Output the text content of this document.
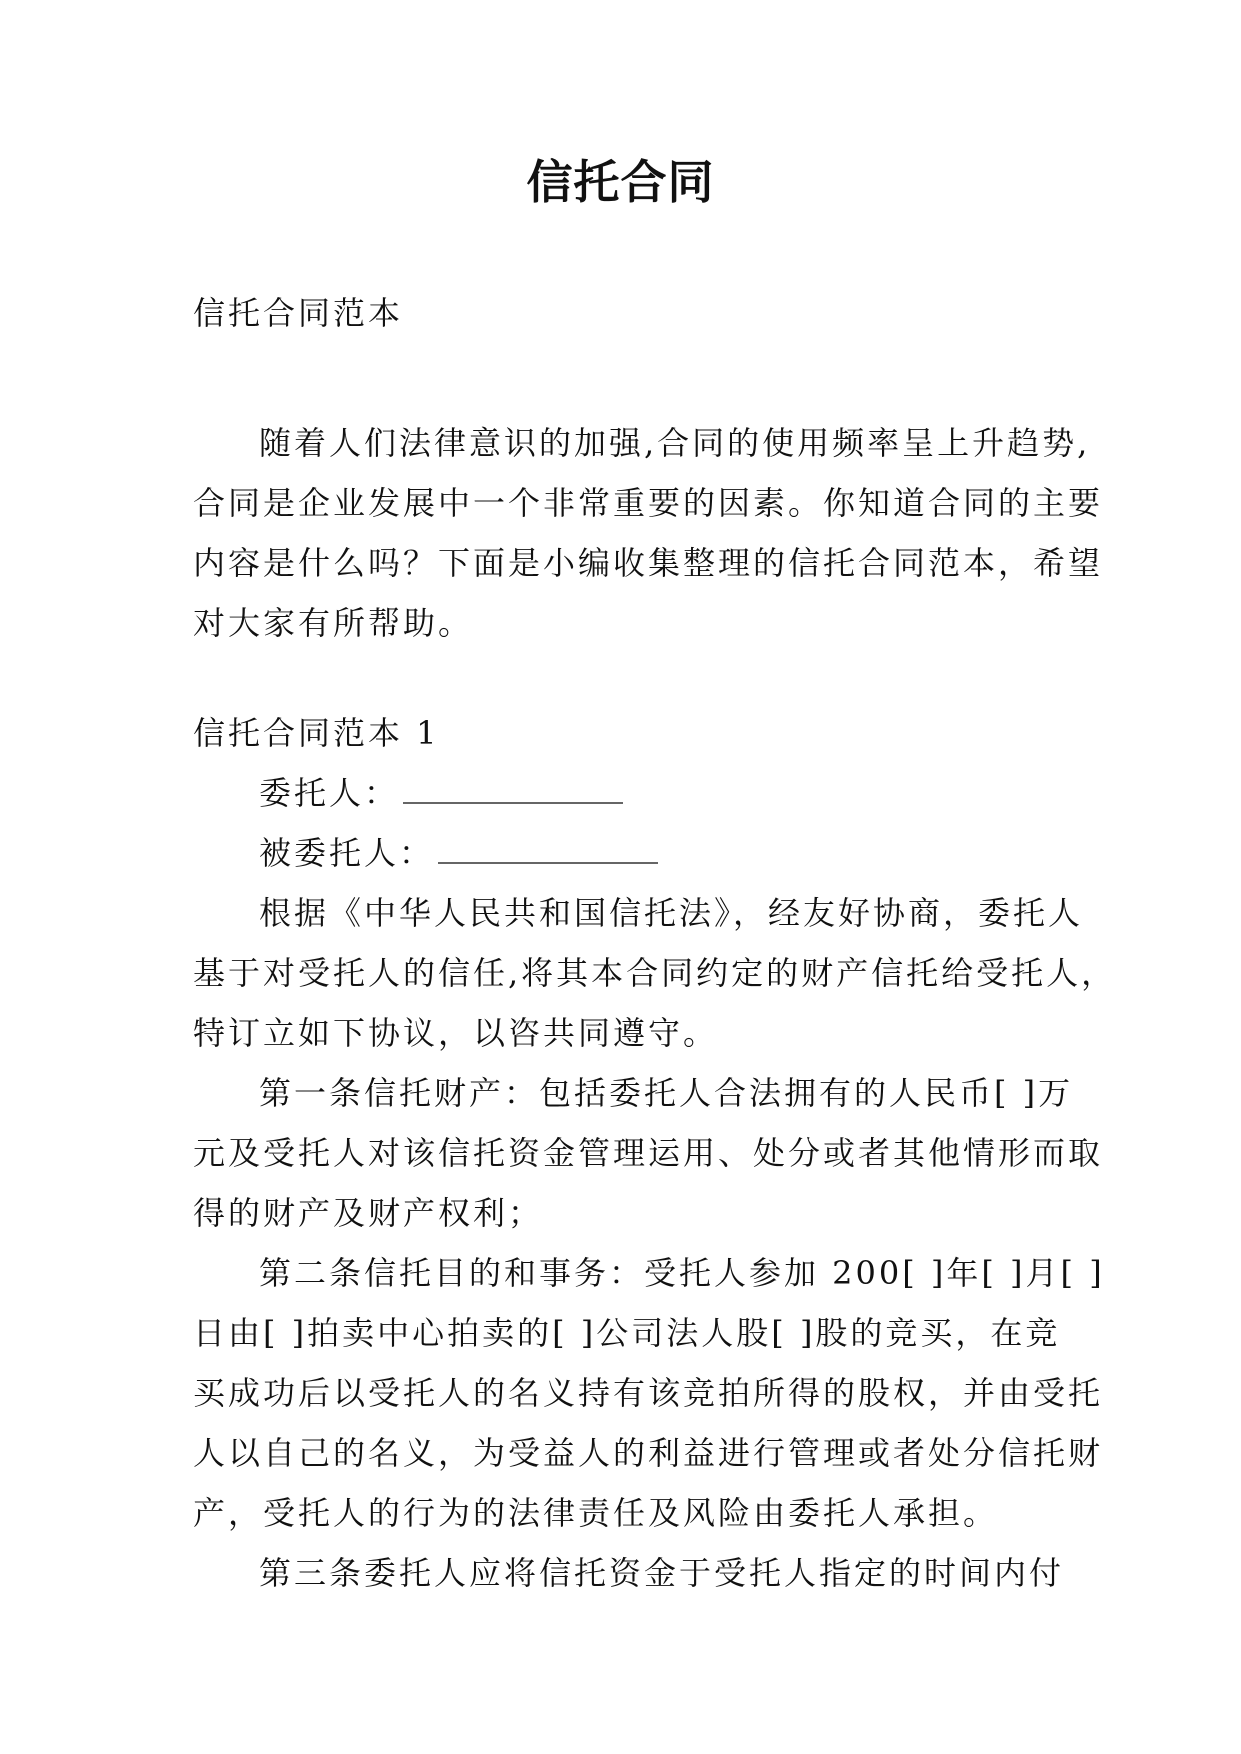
信托合同
信托合同范本
随着人们法律意识的加强,合同的使用频率呈上升趋势,
合同是企业发展中一个非常重要的因素。你知道合同的主要
内容是什么吗？下面是小编收集整理的信托合同范本，希望
对大家有所帮助。
信托合同范本 1
委托人：
被委托人：
根据《中华人民共和国信托法》，经友好协商，委托人
基于对受托人的信任,将其本合同约定的财产信托给受托人，
特订立如下协议，以咨共同遵守。
第一条信托财产：包括委托人合法拥有的人民币[ ]万
元及受托人对该信托资金管理运用、处分或者其他情形而取
得的财产及财产权利；
第二条信托目的和事务：受托人参加 200[ ]年[ ]月[ ]
日由[ ]拍卖中心拍卖的[ ]公司法人股[ ]股的竞买，在竞
买成功后以受托人的名义持有该竞拍所得的股权，并由受托
人以自己的名义，为受益人的利益进行管理或者处分信托财
产，受托人的行为的法律责任及风险由委托人承担。
第三条委托人应将信托资金于受托人指定的时间内付
